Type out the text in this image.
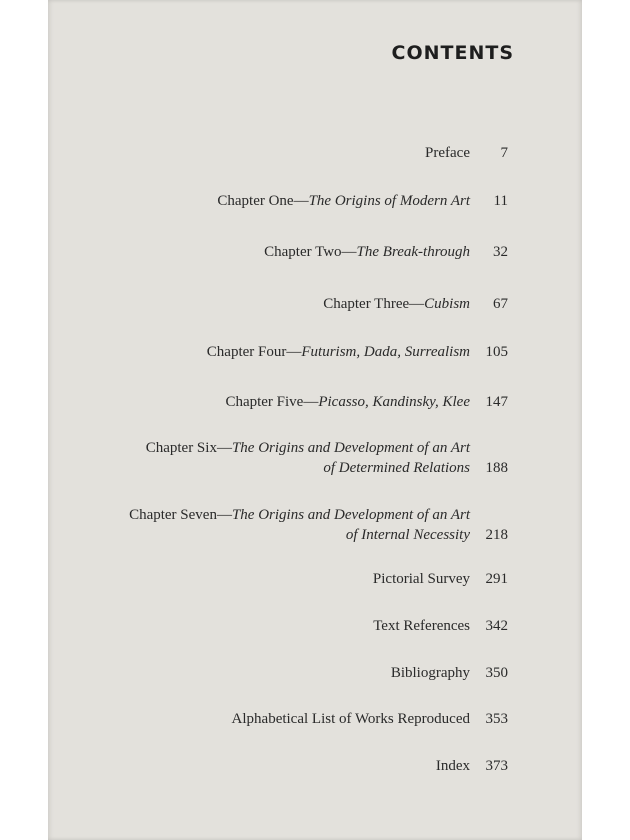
CONTENTS
Preface	7
Chapter One—The Origins of Modern Art	11
Chapter Two—The Break-through	32
Chapter Three—Cubism	67
Chapter Four—Futurism, Dada, Surrealism	105
Chapter Five—Picasso, Kandinsky, Klee	147
Chapter Six—The Origins and Development of an Art
of Determined Relations	188
Chapter Seven—The Origins and Development of an Art
of Internal Necessity	218
Pictorial Survey	291
Text References	342
Bibliography	350
Alphabetical List of Works Reproduced	353
Index	373
